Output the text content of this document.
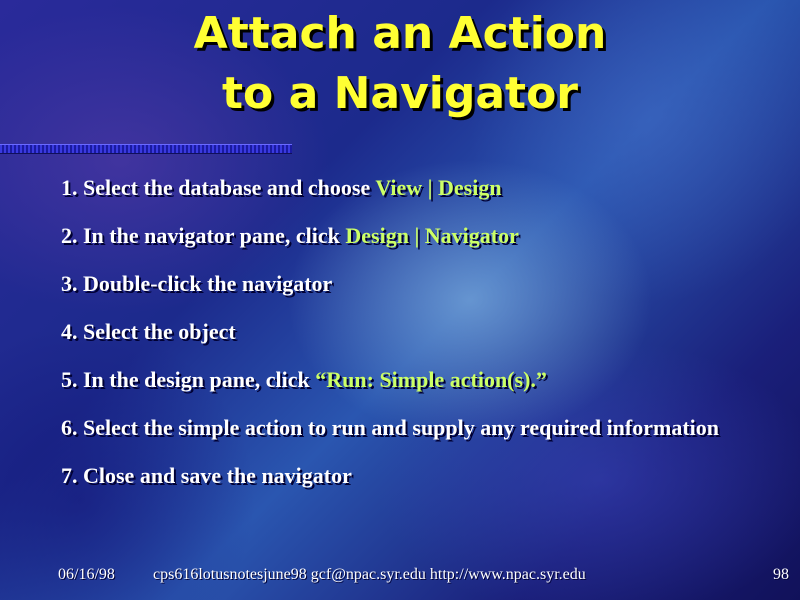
Attach an Action
to a Navigator
1. Select the database and choose View | Design
2. In the navigator pane, click Design | Navigator
3. Double-click the navigator
4. Select the object
5. In the design pane, click “Run: Simple action(s).”
6. Select the simple action to run and supply any required information
7. Close and save the navigator
06/16/98 cps616lotusnotesjune98 gcf@npac.syr.edu http://www.npac.syr.edu	98
